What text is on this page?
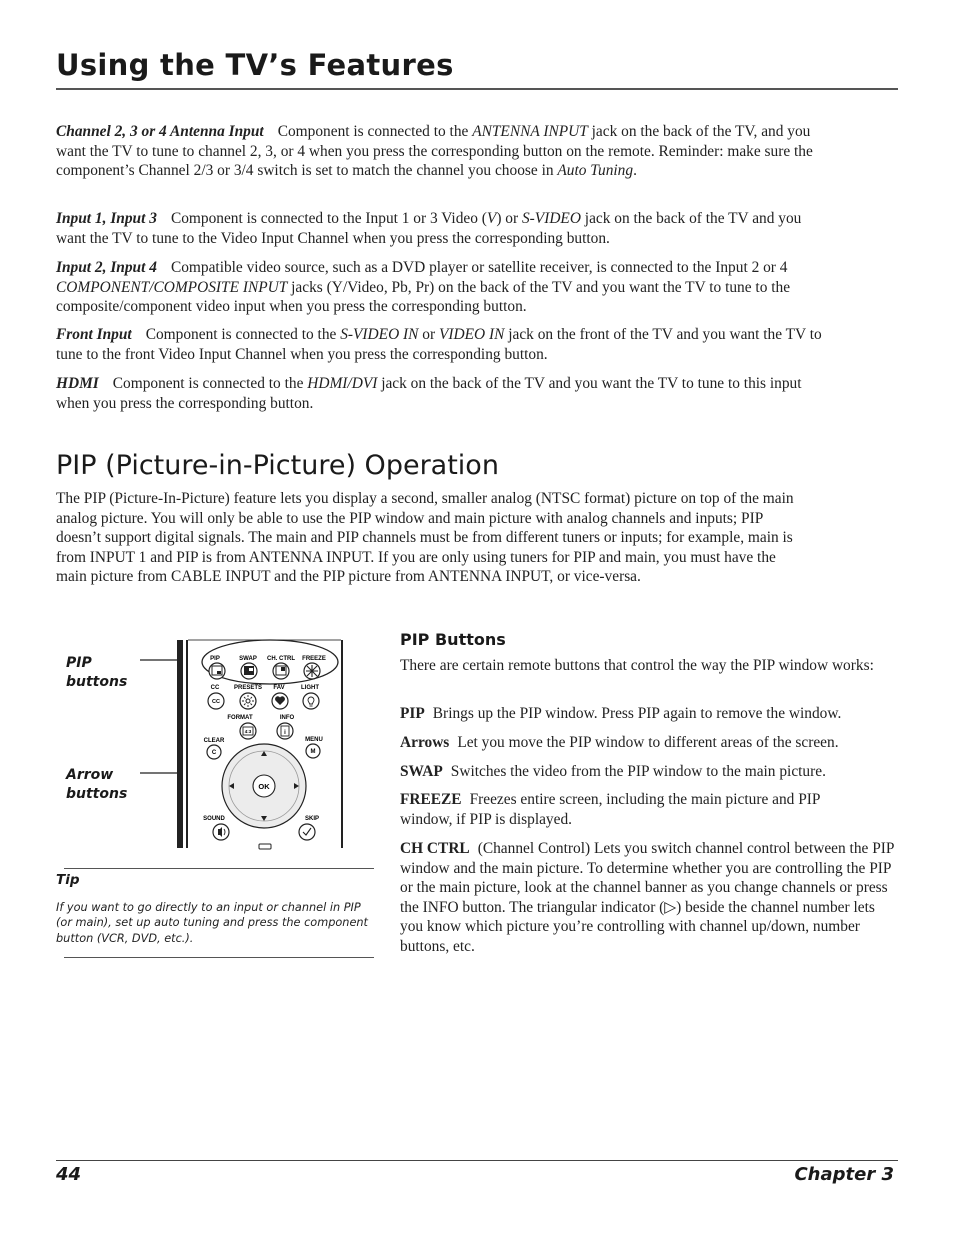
Using the TV’s Features

Channel 2, 3 or 4 Antenna Input Component is connected to the ANTENNA INPUT jack on the back of the TV, and you want the TV to tune to channel 2, 3, or 4 when you press the corresponding button on the remote. Reminder: make sure the component’s Channel 2/3 or 3/4 switch is set to match the channel you choose in Auto Tuning.

Input 1, Input 3 Component is connected to the Input 1 or 3 Video (V) or S-VIDEO jack on the back of the TV and you want the TV to tune to the Video Input Channel when you press the corresponding button.

Input 2, Input 4 Compatible video source, such as a DVD player or satellite receiver, is connected to the Input 2 or 4 COMPONENT/COMPOSITE INPUT jacks (Y/Video, Pb, Pr) on the back of the TV and you want the TV to tune to the composite/component video input when you press the corresponding button.

Front Input Component is connected to the S-VIDEO IN or VIDEO IN jack on the front of the TV and you want the TV to tune to the front Video Input Channel when you press the corresponding button.

HDMI Component is connected to the HDMI/DVI jack on the back of the TV and you want the TV to tune to this input when you press the corresponding button.

PIP (Picture-in-Picture) Operation

The PIP (Picture-In-Picture) feature lets you display a second, smaller analog (NTSC format) picture on top of the main analog picture. You will only be able to use the PIP window and main picture with analog channels and inputs; PIP doesn’t support digital signals. The main and PIP channels must be from different tuners or inputs; for example, main is from INPUT 1 and PIP is from ANTENNA INPUT. If you are only using tuners for PIP and main, you must have the main picture from CABLE INPUT and the PIP picture from ANTENNA INPUT, or vice-versa.

PIP buttons
Arrow buttons
PIP	SWAP CH. CTRL FREEZE
CC PRESETS FAV	LIGHT
CC
FORMAT	INFO
4:3	i
CLEAR	MENU
C	M
OK
SOUND	SKIP
Tip

If you want to go directly to an input or channel in PIP (or main), set up auto tuning and press the component button (VCR, DVD, etc.).

PIP Buttons

There are certain remote buttons that control the way the PIP window works:

PIP Brings up the PIP window. Press PIP again to remove the window.

Arrows Let you move the PIP window to different areas of the screen.

SWAP Switches the video from the PIP window to the main picture.

FREEZE Freezes entire screen, including the main picture and PIP window, if PIP is displayed.

CH CTRL (Channel Control) Lets you switch channel control between the PIP window and the main picture. To determine whether you are controlling the PIP or the main picture, look at the channel banner as you change channels or press the INFO button. The triangular indicator (▷) beside the channel number lets you know which picture you’re controlling with channel up/down, number buttons, etc.

44	Chapter 3
